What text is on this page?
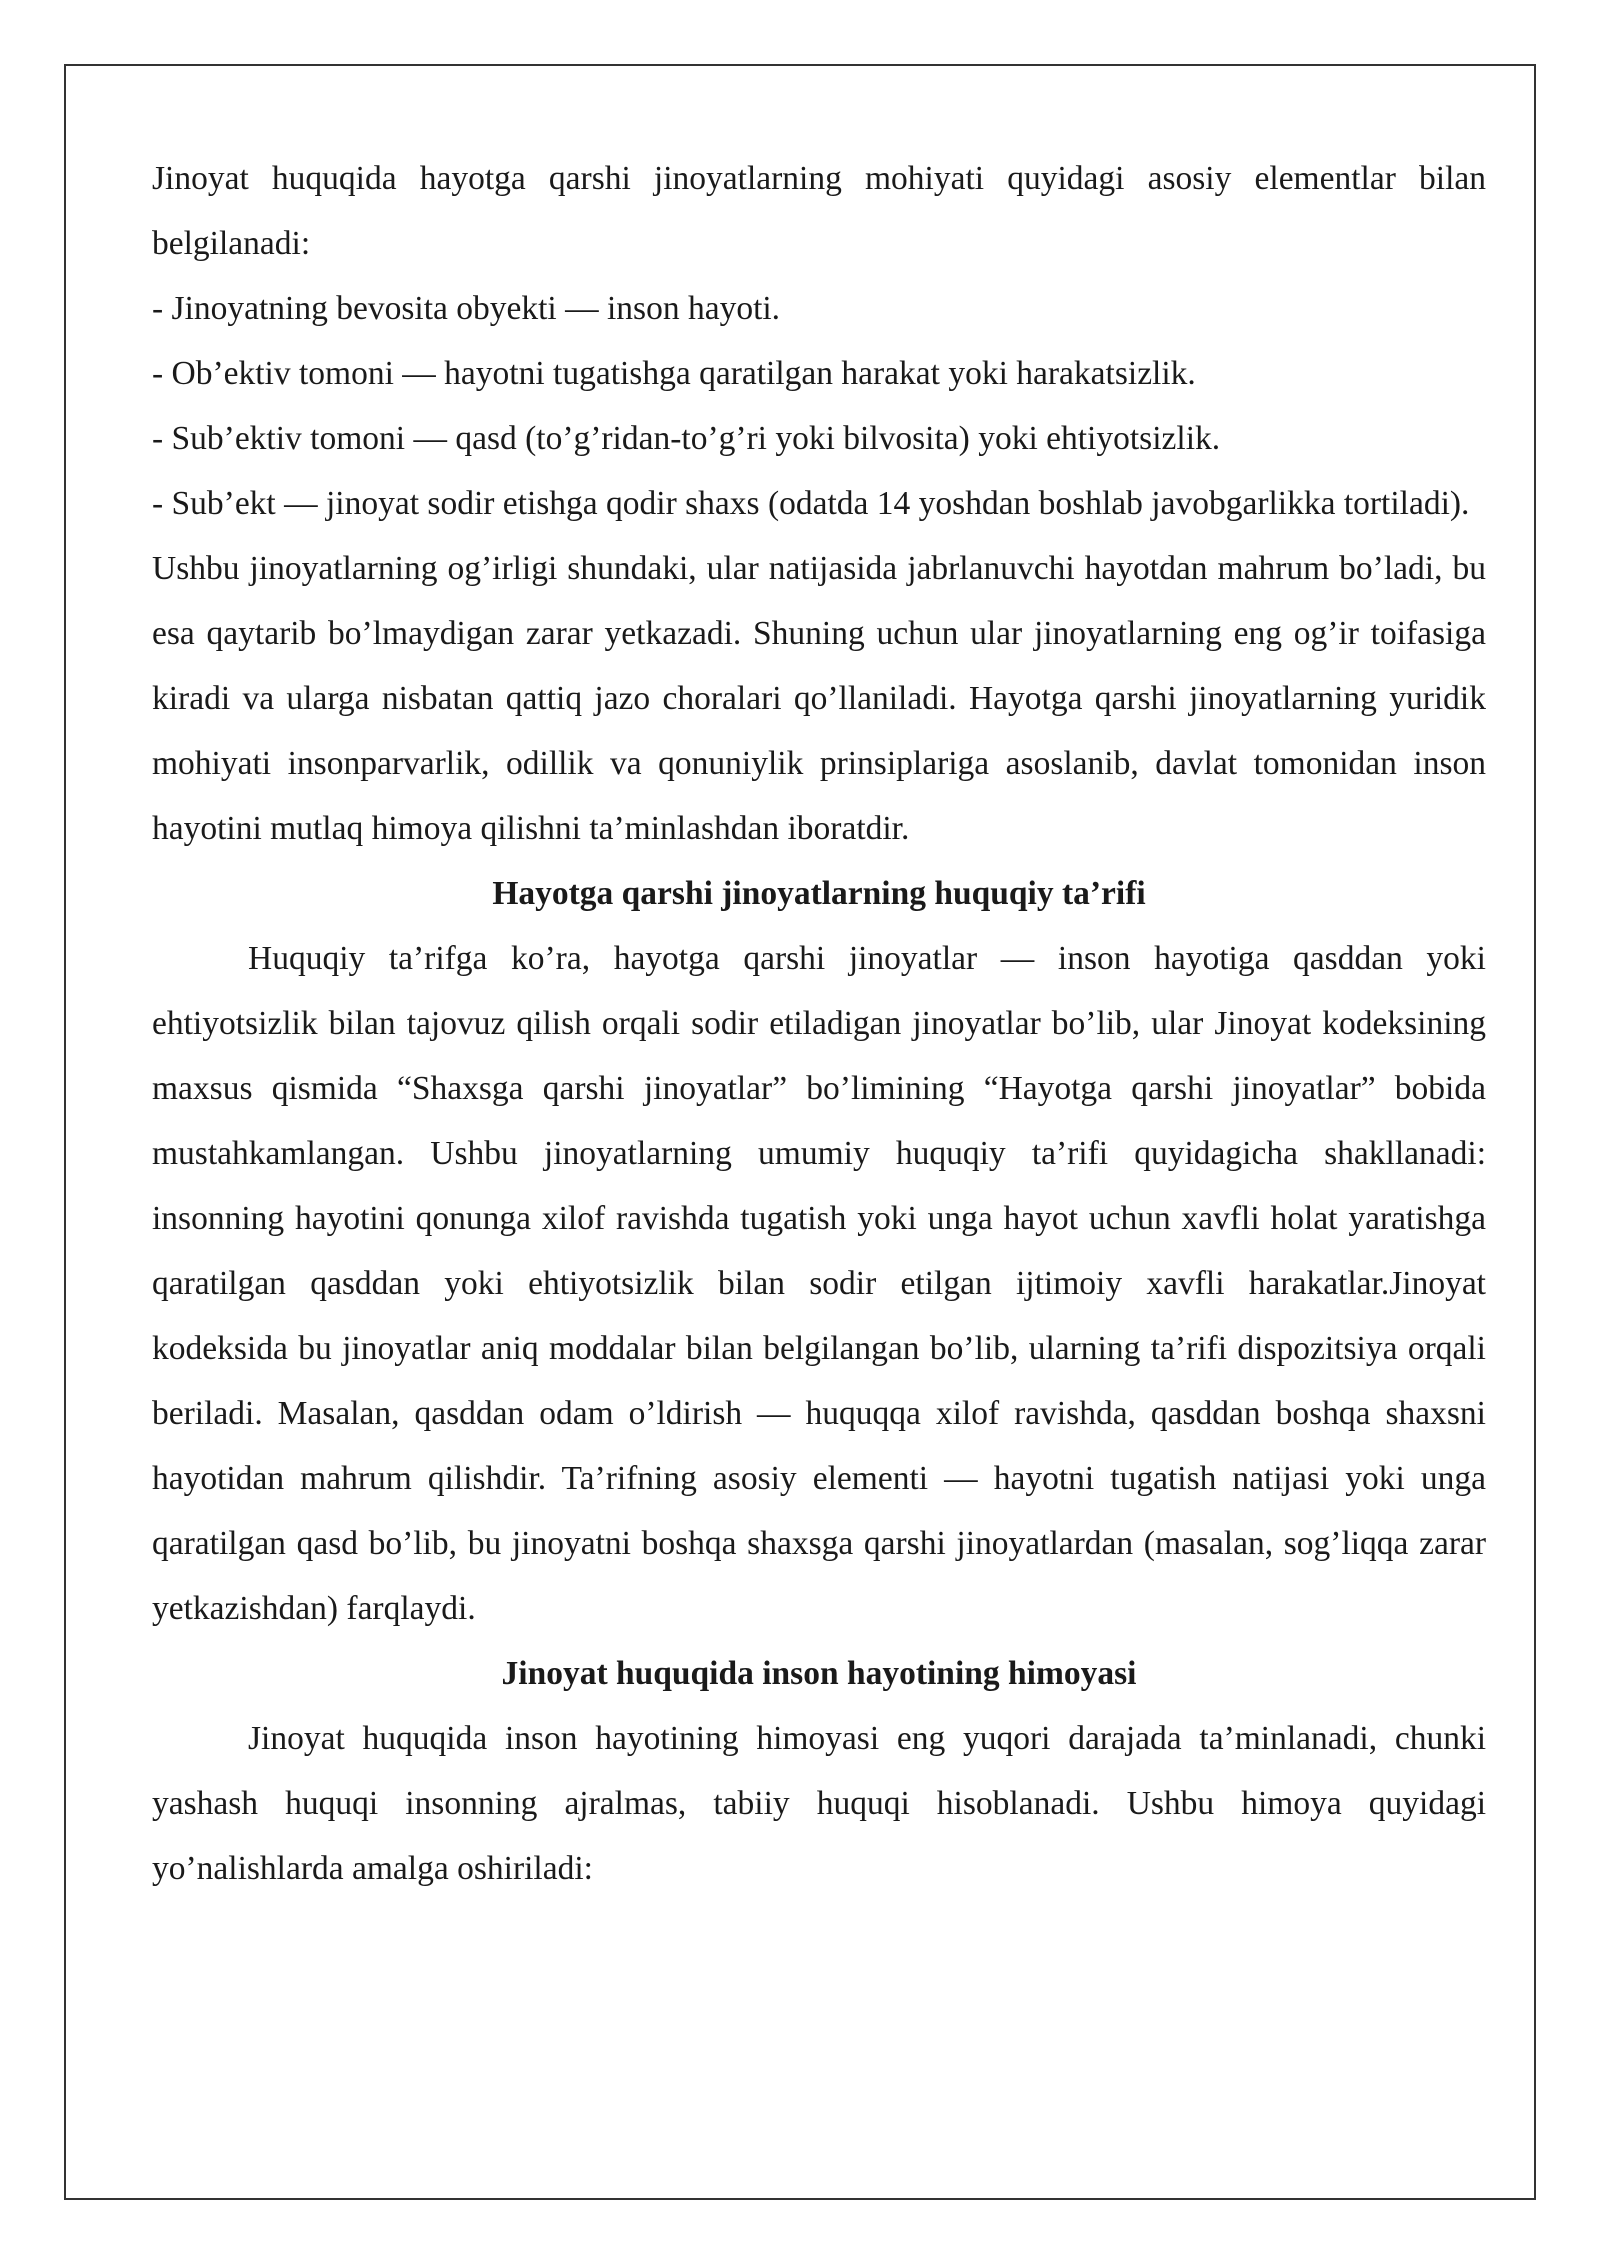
Jinoyat huquqida hayotga qarshi jinoyatlarning mohiyati quyidagi asosiy elementlar bilan belgilanadi:

- Jinoyatning bevosita obyekti — inson hayoti.

- Ob’ektiv tomoni — hayotni tugatishga qaratilgan harakat yoki harakatsizlik.

- Sub’ektiv tomoni — qasd (to’g’ridan-to’g’ri yoki bilvosita) yoki ehtiyotsizlik.

- Sub’ekt — jinoyat sodir etishga qodir shaxs (odatda 14 yoshdan boshlab javobgarlikka tortiladi).

Ushbu jinoyatlarning og’irligi shundaki, ular natijasida jabrlanuvchi hayotdan mahrum bo’ladi, bu esa qaytarib bo’lmaydigan zarar yetkazadi. Shuning uchun ular jinoyatlarning eng og’ir toifasiga kiradi va ularga nisbatan qattiq jazo choralari qo’llaniladi. Hayotga qarshi jinoyatlarning yuridik mohiyati insonparvarlik, odillik va qonuniylik prinsiplariga asoslanib, davlat tomonidan inson hayotini mutlaq himoya qilishni ta’minlashdan iboratdir.

Hayotga qarshi jinoyatlarning huquqiy ta’rifi

Huquqiy ta’rifga ko’ra, hayotga qarshi jinoyatlar — inson hayotiga qasddan yoki ehtiyotsizlik bilan tajovuz qilish orqali sodir etiladigan jinoyatlar bo’lib, ular Jinoyat kodeksining maxsus qismida “Shaxsga qarshi jinoyatlar” bo’limining “Hayotga qarshi jinoyatlar” bobida mustahkamlangan. Ushbu jinoyatlarning umumiy huquqiy ta’rifi quyidagicha shakllanadi: insonning hayotini qonunga xilof ravishda tugatish yoki unga hayot uchun xavfli holat yaratishga qaratilgan qasddan yoki ehtiyotsizlik bilan sodir etilgan ijtimoiy xavfli harakatlar.Jinoyat kodeksida bu jinoyatlar aniq moddalar bilan belgilangan bo’lib, ularning ta’rifi dispozitsiya orqali beriladi. Masalan, qasddan odam o’ldirish — huquqqa xilof ravishda, qasddan boshqa shaxsni hayotidan mahrum qilishdir. Ta’rifning asosiy elementi — hayotni tugatish natijasi yoki unga qaratilgan qasd bo’lib, bu jinoyatni boshqa shaxsga qarshi jinoyatlardan (masalan, sog’liqqa zarar yetkazishdan) farqlaydi.

Jinoyat huquqida inson hayotining himoyasi

Jinoyat huquqida inson hayotining himoyasi eng yuqori darajada ta’minlanadi, chunki yashash huquqi insonning ajralmas, tabiiy huquqi hisoblanadi. Ushbu himoya quyidagi yo’nalishlarda amalga oshiriladi:
